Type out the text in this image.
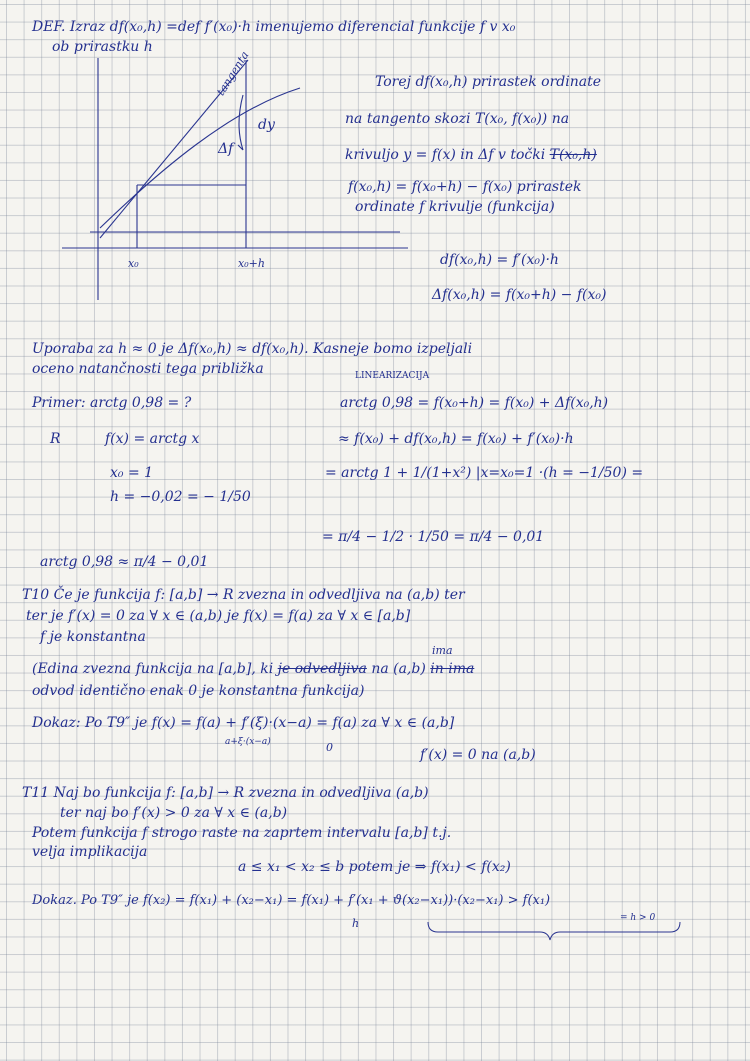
DEF. Izraz df(x₀,h) =def f′(x₀)·h imenujemo diferencial funkcije f v x₀
ob prirastku h
tangenta
dy
Δf
x₀	x₀+h
Torej df(x₀,h) prirastek ordinate
na tangento skozi T(x₀, f(x₀)) na
krivuljo y = f(x) in Δf v točki T(x₀,h)
f(x₀,h) = f(x₀+h) − f(x₀) prirastek
ordinate f krivulje (funkcija)
df(x₀,h) = f′(x₀)·h
Δf(x₀,h) = f(x₀+h) − f(x₀)
Uporaba za h ≈ 0 je Δf(x₀,h) ≈ df(x₀,h). Kasneje bomo izpeljali
oceno natančnosti tega približka	LINEARIZACIJA
Primer: arctg 0,98 = ?	arctg 0,98 = f(x₀+h) = f(x₀) + Δf(x₀,h)
R	f(x) = arctg x	≈ f(x₀) + df(x₀,h) = f(x₀) + f′(x₀)·h
x₀ = 1	= arctg 1 + 1/(1+x²) |x=x₀=1 ·(h = −1/50) =
h = −0,02 = − 1/50
= π/4 − 1/2 · 1/50 = π/4 − 0,01
arctg 0,98 ≈ π/4 − 0,01
T10 Če je funkcija f: [a,b] → R zvezna in odvedljiva na (a,b) ter
ter je f′(x) = 0 za ∀ x ∈ (a,b) je f(x) = f(a) za ∀ x ∈ [a,b]
f je konstantna
ima
(Edina zvezna funkcija na [a,b], ki je odvedljiva na (a,b) in ima
odvod identično enak 0 je konstantna funkcija)
Dokaz: Po T9″ je f(x) = f(a) + f′(ξ)·(x−a) = f(a) za ∀ x ∈ (a,b]
a+ξ·(x−a)	0	f′(x) = 0 na (a,b)
T11 Naj bo funkcija f: [a,b] → R zvezna in odvedljiva (a,b)
ter naj bo f′(x) > 0 za ∀ x ∈ (a,b)
Potem funkcija f strogo raste na zaprtem intervalu [a,b] t.j.
velja implikacija
a ≤ x₁ < x₂ ≤ b potem je ⇒ f(x₁) < f(x₂)
Dokaz. Po T9″ je f(x₂) = f(x₁) + (x₂−x₁) = f(x₁) + f′(x₁ + ϑ(x₂−x₁))·(x₂−x₁) > f(x₁)
h	= h > 0
